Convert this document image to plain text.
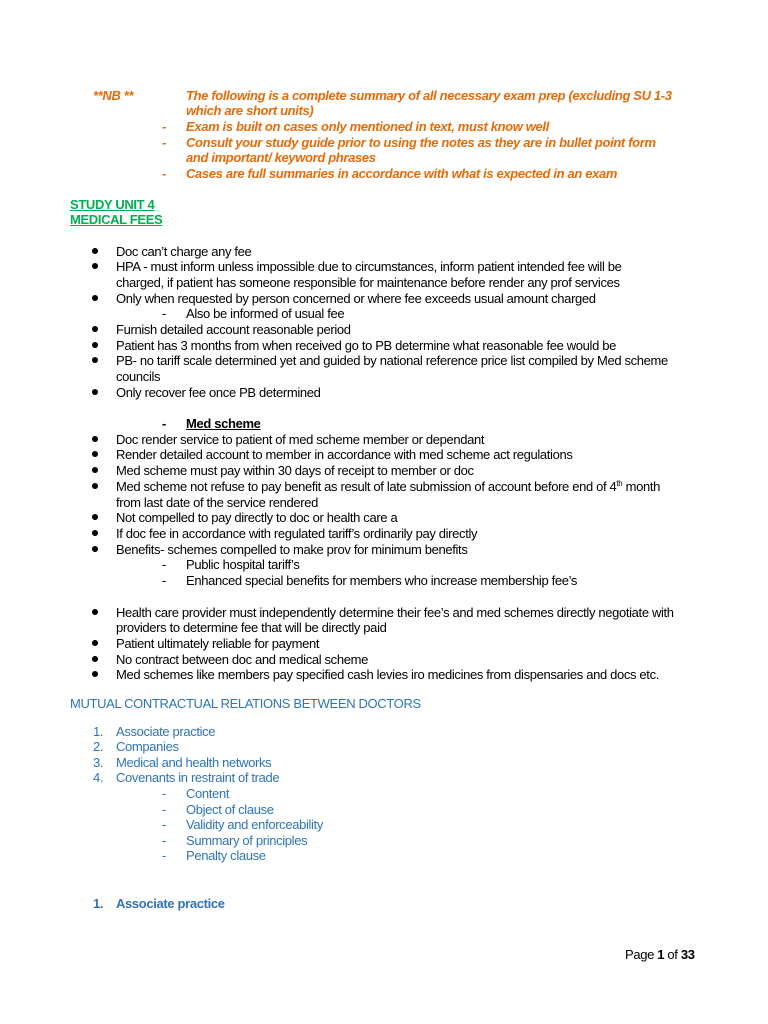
**NB **	The following is a complete summary of all necessary exam prep (excluding SU 1-3
which are short units)
- Exam is built on cases only mentioned in text, must know well
- Consult your study guide prior to using the notes as they are in bullet point form
and important/ keyword phrases
- Cases are full summaries in accordance with what is expected in an exam
STUDY UNIT 4
MEDICAL FEES
Doc can’t charge any fee
HPA - must inform unless impossible due to circumstances, inform patient intended fee will be
charged, if patient has someone responsible for maintenance before render any prof services
Only when requested by person concerned or where fee exceeds usual amount charged
- Also be informed of usual fee
Furnish detailed account reasonable period
Patient has 3 months from when received go to PB determine what reasonable fee would be
PB- no tariff scale determined yet and guided by national reference price list compiled by Med scheme
councils
Only recover fee once PB determined
- Med scheme
Doc render service to patient of med scheme member or dependant
Render detailed account to member in accordance with med scheme act regulations
Med scheme must pay within 30 days of receipt to member or doc
Med scheme not refuse to pay benefit as result of late submission of account before end of 4th month
from last date of the service rendered
Not compelled to pay directly to doc or health care a
If doc fee in accordance with regulated tariff’s ordinarily pay directly
Benefits- schemes compelled to make prov for minimum benefits
- Public hospital tariff’s
- Enhanced special benefits for members who increase membership fee’s
Health care provider must independently determine their fee’s and med schemes directly negotiate with
providers to determine fee that will be directly paid
Patient ultimately reliable for payment
No contract between doc and medical scheme
Med schemes like members pay specified cash levies iro medicines from dispensaries and docs etc.
MUTUAL CONTRACTUAL RELATIONS BETWEEN DOCTORS
1. Associate practice
2. Companies
3. Medical and health networks
4. Covenants in restraint of trade
- Content
- Object of clause
- Validity and enforceability
- Summary of principles
- Penalty clause
1. Associate practice
Page 1 of 33
